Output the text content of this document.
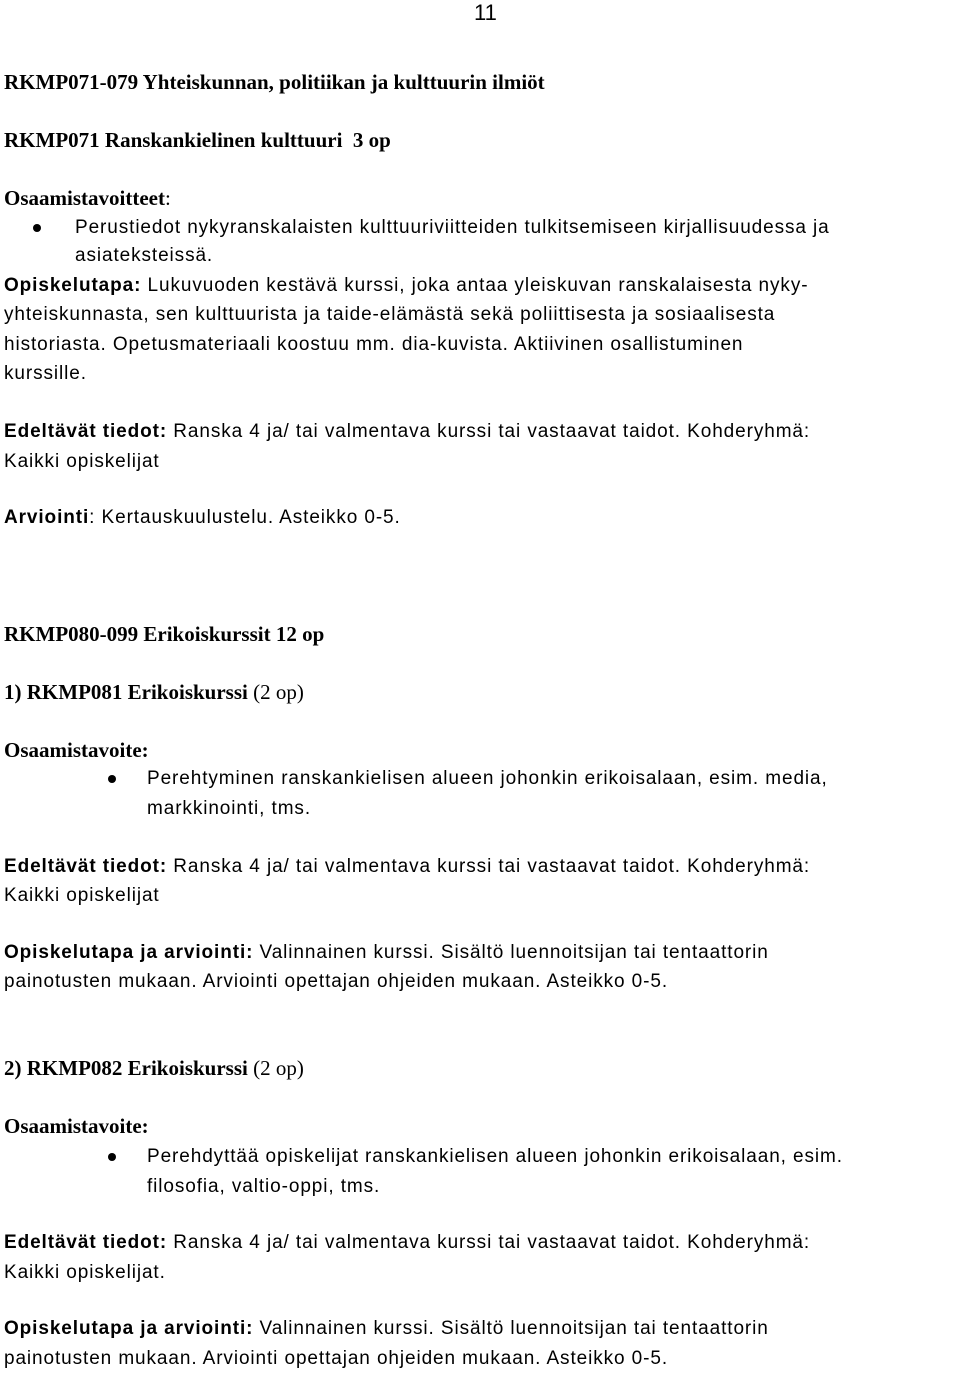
11
RKMP071-079 Yhteiskunnan, politiikan ja kulttuurin ilmiöt
RKMP071 Ranskankielinen kulttuuri 3 op
Osaamistavoitteet:
Perustiedot nykyranskalaisten kulttuuriviitteiden tulkitsemiseen kirjallisuudessa ja
asiateksteissä.
Opiskelutapa: Lukuvuoden kestävä kurssi, joka antaa yleiskuvan ranskalaisesta nyky-
yhteiskunnasta, sen kulttuurista ja taide-elämästä sekä poliittisesta ja sosiaalisesta
historiasta. Opetusmateriaali koostuu mm. dia-kuvista. Aktiivinen osallistuminen
kurssille.
Edeltävät tiedot: Ranska 4 ja/ tai valmentava kurssi tai vastaavat taidot. Kohderyhmä:
Kaikki opiskelijat
Arviointi: Kertauskuulustelu. Asteikko 0-5.
RKMP080-099 Erikoiskurssit 12 op
1) RKMP081 Erikoiskurssi (2 op)
Osaamistavoite:
Perehtyminen ranskankielisen alueen johonkin erikoisalaan, esim. media,
markkinointi, tms.
Edeltävät tiedot: Ranska 4 ja/ tai valmentava kurssi tai vastaavat taidot. Kohderyhmä:
Kaikki opiskelijat
Opiskelutapa ja arviointi: Valinnainen kurssi. Sisältö luennoitsijan tai tentaattorin
painotusten mukaan. Arviointi opettajan ohjeiden mukaan. Asteikko 0-5.
2) RKMP082 Erikoiskurssi (2 op)
Osaamistavoite:
Perehdyttää opiskelijat ranskankielisen alueen johonkin erikoisalaan, esim.
filosofia, valtio-oppi, tms.
Edeltävät tiedot: Ranska 4 ja/ tai valmentava kurssi tai vastaavat taidot. Kohderyhmä:
Kaikki opiskelijat.
Opiskelutapa ja arviointi: Valinnainen kurssi. Sisältö luennoitsijan tai tentaattorin
painotusten mukaan. Arviointi opettajan ohjeiden mukaan. Asteikko 0-5.
